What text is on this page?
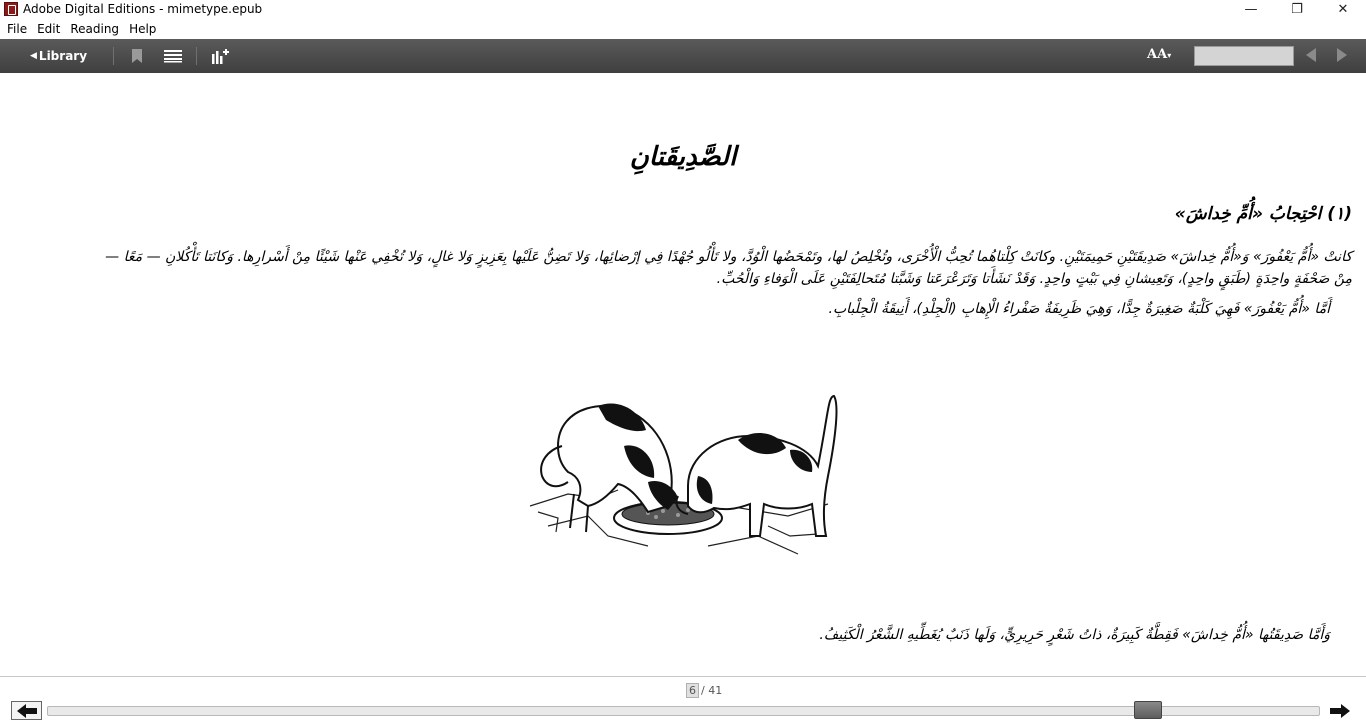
Adobe Digital Editions - mimetype.epub	—	❐	✕
File Edit Reading Help
◀ Library	AA▾
الصَّدِيقَتانِ
(١) احْتِجابُ «أُمِّ خِداشَ»
كانتْ «أُمُّ يَعْفُورَ» وَ«أُمُّ خِداشَ» صَدِيقَتَيْنِ حَمِيمَتَيْنِ. وكانَتْ كِلْتاهُما تُحِبُّ الْأُخْرَى، وتُخْلِصُ لها، وتَمْحَضُها الْوُدَّ، ولا تَأْلُو جُهْدًا فِي إرْضائِها، وَلا تَضِنُّ عَلَيْها بِعَزِيزٍ وَلا غالٍ، وَلا تُخْفِي عَنْها شَيْئًا مِنْ أَسْرارِها. وَكانَتا تَأْكُلانِ — مَعًا —
مِنْ صَحْفَةٍ واحِدَةٍ (طَبَقٍ واحِدٍ)، وَتَعِيشانِ فِي بَيْتٍ واحِدٍ. وَقَدْ نَشَأَتا وَتَرَعْرَعَتا وَشَبَّتا مُتَحالِفَتَيْنِ عَلَى الْوَفاءِ وَالْحُبِّ.
أَمَّا «أُمُّ يَعْفُورَ» فَهِيَ كَلْبَةٌ صَغِيرَةٌ جِدًّا، وَهِيَ ظَرِيفَةٌ صَفْراءُ الْإِهابِ (الْجِلْدِ)، أَنِيقَةُ الْجِلْبابِ.
وَأَمَّا صَدِيقَتُها «أُمُّ خِداشَ» فَقِطَّةٌ كَبِيرَةٌ، ذاتُ شَعْرٍ حَرِيرِيٍّ، وَلَها ذَنَبٌ يُغَطِّيهِ الشَّعْرُ الْكَثِيفُ.
6 / 41
